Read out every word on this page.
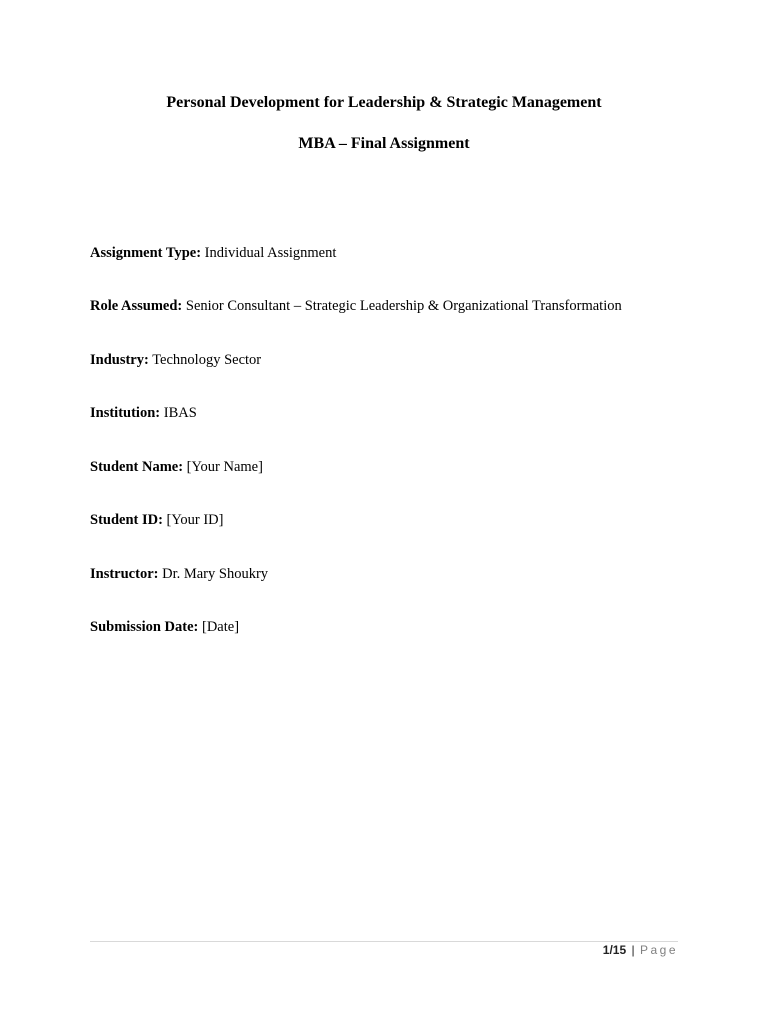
Personal Development for Leadership & Strategic Management
MBA – Final Assignment
Assignment Type: Individual Assignment
Role Assumed: Senior Consultant – Strategic Leadership & Organizational Transformation
Industry: Technology Sector
Institution: IBAS
Student Name: [Your Name]
Student ID: [Your ID]
Instructor: Dr. Mary Shoukry
Submission Date: [Date]
1/15 | Page
